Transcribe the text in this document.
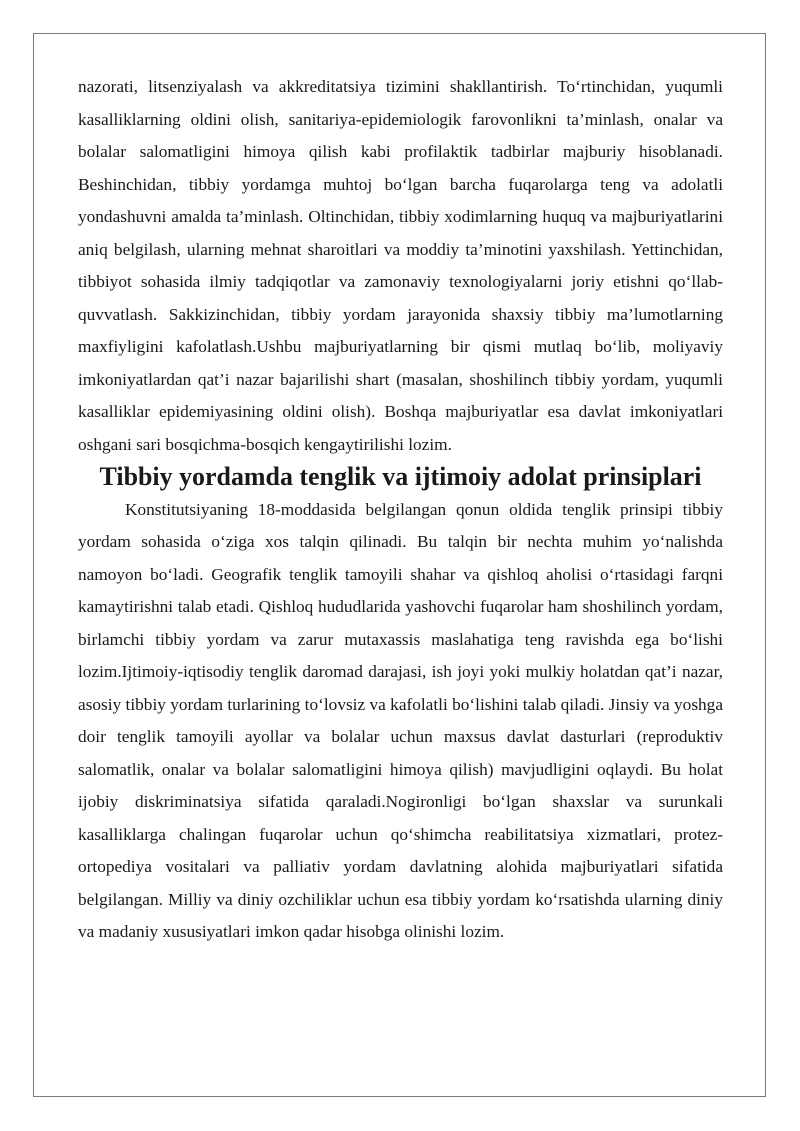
nazorati, litsenziyalash va akkreditatsiya tizimini shakllantirish. To‘rtinchidan, yuqumli kasalliklarning oldini olish, sanitariya-epidemiologik farovonlikni ta’minlash, onalar va bolalar salomatligini himoya qilish kabi profilaktik tadbirlar majburiy hisoblanadi. Beshinchidan, tibbiy yordamga muhtoj bo‘lgan barcha fuqarolarga teng va adolatli yondashuvni amalda ta’minlash. Oltinchidan, tibbiy xodimlarning huquq va majburiyatlarini aniq belgilash, ularning mehnat sharoitlari va moddiy ta’minotini yaxshilash. Yettinchidan, tibbiyot sohasida ilmiy tadqiqotlar va zamonaviy texnologiyalarni joriy etishni qo‘llab-quvvatlash. Sakkizinchidan, tibbiy yordam jarayonida shaxsiy tibbiy ma’lumotlarning maxfiyligini kafolatlash.Ushbu majburiyatlarning bir qismi mutlaq bo‘lib, moliyaviy imkoniyatlardan qat’i nazar bajarilishi shart (masalan, shoshilinch tibbiy yordam, yuqumli kasalliklar epidemiyasining oldini olish). Boshqa majburiyatlar esa davlat imkoniyatlari oshgani sari bosqichma-bosqich kengaytirilishi lozim.

Tibbiy yordamda tenglik va ijtimoiy adolat prinsiplari

Konstitutsiyaning 18-moddasida belgilangan qonun oldida tenglik prinsipi tibbiy yordam sohasida o‘ziga xos talqin qilinadi. Bu talqin bir nechta muhim yo‘nalishda namoyon bo‘ladi. Geografik tenglik tamoyili shahar va qishloq aholisi o‘rtasidagi farqni kamaytirishni talab etadi. Qishloq hududlarida yashovchi fuqarolar ham shoshilinch yordam, birlamchi tibbiy yordam va zarur mutaxassis maslahatiga teng ravishda ega bo‘lishi lozim.Ijtimoiy-iqtisodiy tenglik daromad darajasi, ish joyi yoki mulkiy holatdan qat’i nazar, asosiy tibbiy yordam turlarining to‘lovsiz va kafolatli bo‘lishini talab qiladi. Jinsiy va yoshga doir tenglik tamoyili ayollar va bolalar uchun maxsus davlat dasturlari (reproduktiv salomatlik, onalar va bolalar salomatligini himoya qilish) mavjudligini oqlaydi. Bu holat ijobiy diskriminatsiya sifatida qaraladi.Nogironligi bo‘lgan shaxslar va surunkali kasalliklarga chalingan fuqarolar uchun qo‘shimcha reabilitatsiya xizmatlari, protez-ortopediya vositalari va palliativ yordam davlatning alohida majburiyatlari sifatida belgilangan. Milliy va diniy ozchiliklar uchun esa tibbiy yordam ko‘rsatishda ularning diniy va madaniy xususiyatlari imkon qadar hisobga olinishi lozim.
